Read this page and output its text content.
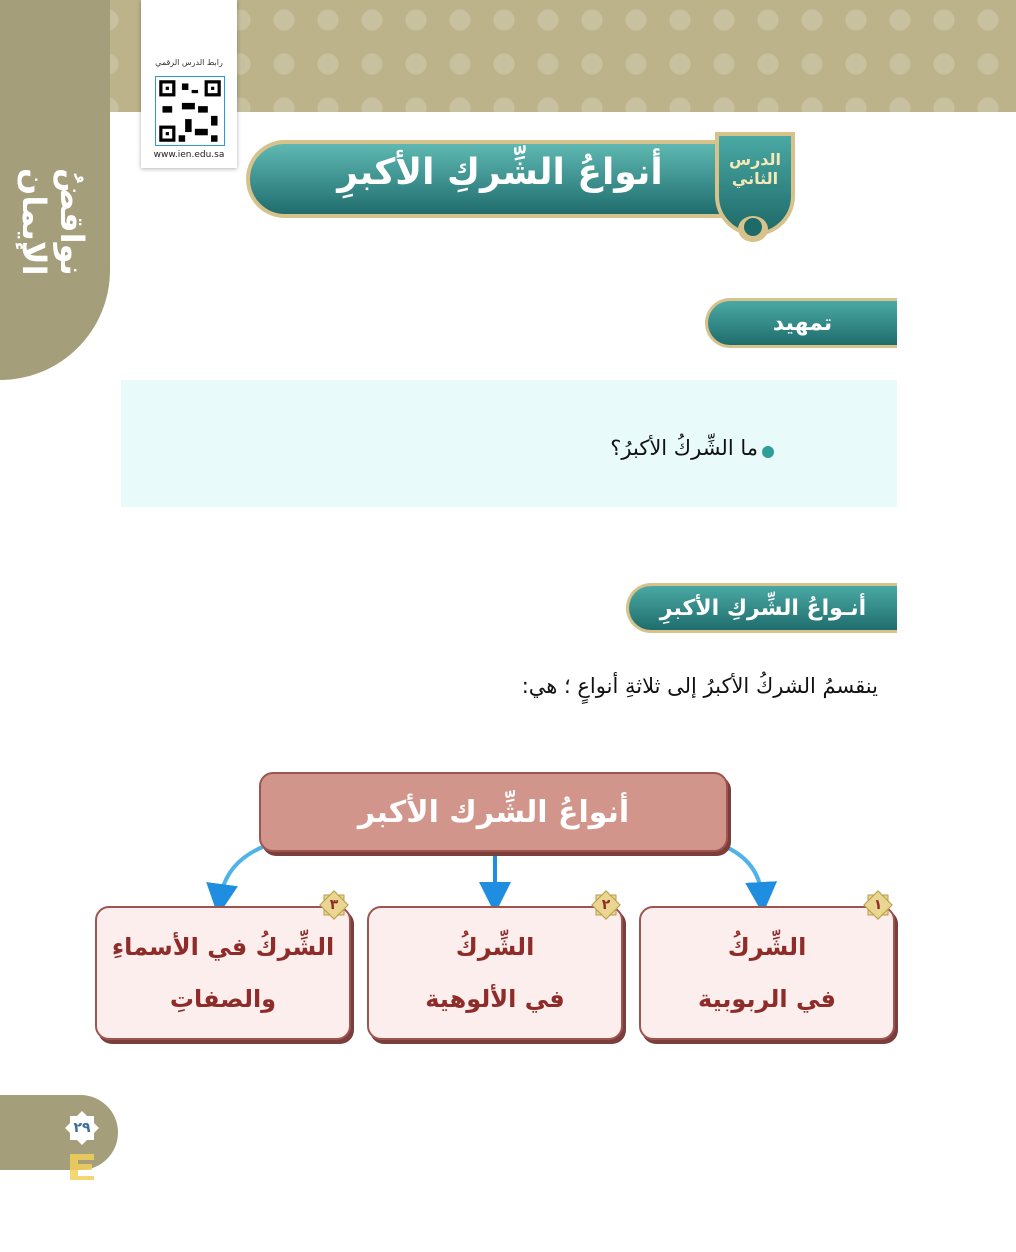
نواقضُ الإيمان
رابط الدرس الرقمي
www.ien.edu.sa	أنواعُ الشِّركِ الأكبرِ	الدرس
الثاني
تمهيد
ما الشِّركُ الأكبرُ؟
أنـواعُ الشِّركِ الأكبرِ
ينقسمُ الشركُ الأكبرُ إلى ثلاثةِ أنواعٍ ؛ هي:
أنواعُ الشِّرك الأكبر
الشِّركُ
في الربوبية
الشِّركُ
في الألوهية
الشِّركُ في الأسماءِ
والصفاتِ
١
٢
٣
٢٩
